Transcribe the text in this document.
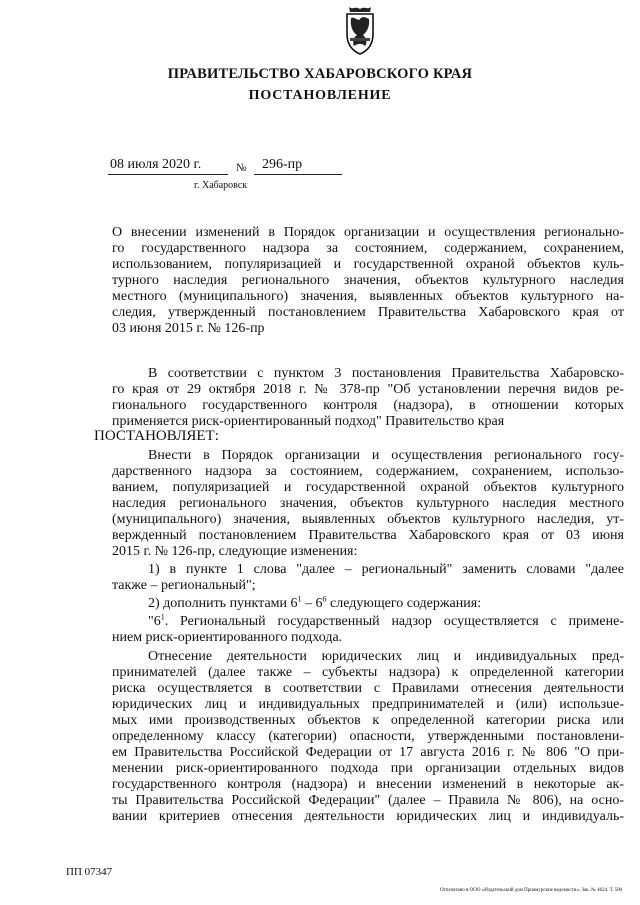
ПРАВИТЕЛЬСТВО ХАБАРОВСКОГО КРАЯ
ПОСТАНОВЛЕНИЕ
08 июля 2020 г.	№ 296-пр
г. Хабаровск
О внесении изменений в Порядок организации и осуществления регионально-
го государственного надзора за состоянием, содержанием, сохранением,
использованием, популяризацией и государственной охраной объектов куль-
турного наследия регионального значения, объектов культурного наследия
местного (муниципального) значения, выявленных объектов культурного на-
следия, утвержденный постановлением Правительства Хабаровского края от
03 июня 2015 г. № 126-пр
В соответствии с пунктом 3 постановления Правительства Хабаровско-
го края от 29 октября 2018 г. № 378-пр "Об установлении перечня видов ре-
гионального государственного контроля (надзора), в отношении которых
применяется риск-ориентированный подход" Правительство края
ПОСТАНОВЛЯЕТ:
Внести в Порядок организации и осуществления регионального госу-
дарственного надзора за состоянием, содержанием, сохранением, использо-
ванием, популяризацией и государственной охраной объектов культурного
наследия регионального значения, объектов культурного наследия местного
(муниципального) значения, выявленных объектов культурного наследия, ут-
вержденный постановлением Правительства Хабаровского края от 03 июня
2015 г. № 126-пр, следующие изменения:
1) в пункте 1 слова "далее – региональный" заменить словами "далее
также – региональный";
2) дополнить пунктами $6^1 - 6^6$ следующего содержания:
"$6^1$. Региональный государственный надзор осуществляется с примене-
нием риск-ориентированного подхода.
Отнесение деятельности юридических лиц и индивидуальных пред-
принимателей (далее также – субъекты надзора) к определенной категории
риска осуществляется в соответствии с Правилами отнесения деятельности
юридических лиц и индивидуальных предпринимателей и (или) использue-
мых ими производственных объектов к определенной категории риска или
определенному классу (категории) опасности, утвержденными постановлени-
ем Правительства Российской Федерации от 17 августа 2016 г. № 806 "О при-
менении риск-ориентированного подхода при организации отдельных видов
государственного контроля (надзора) и внесении изменений в некоторые ак-
ты Правительства Российской Федерации" (далее – Правила № 806), на осно-
вании критериев отнесения деятельности юридических лиц и индивидуаль-
ПП 07347
Отпечатано в ООО «Издательский дом Приамурские ведомости». Зак. № 4624. Т. 500
